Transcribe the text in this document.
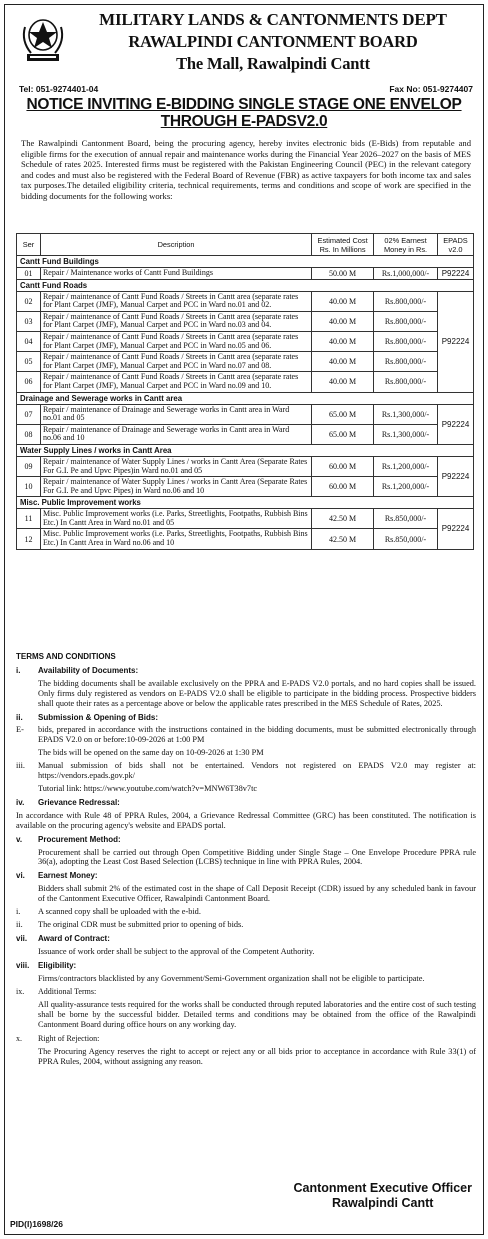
MILITARY LANDS & CANTONMENTS DEPT
RAWALPINDI CANTONMENT BOARD
The Mall, Rawalpindi Cantt
Tel: 051-9274401-04	Fax No: 051-9274407
NOTICE INVITING E-BIDDING SINGLE STAGE ONE ENVELOP
THROUGH E-PADSV2.0

The Rawalpindi Cantonment Board, being the procuring agency, hereby invites electronic bids (E-Bids) from reputable and eligible firms for the execution of annual repair and maintenance works during the Financial Year 2026–2027 on the basis of MES Schedule of rates 2025. Interested firms must be registered with the Pakistan Engineering Council (PEC) in the relevant category and codes and must also be registered with the Federal Board of Revenue (FBR) as active taxpayers for both income tax and sales tax purposes.The detailed eligibility criteria, technical requirements, terms and conditions and scope of work are specified in the bidding documents for the following works:

Ser	Description	Estimated Cost Rs. In Millions	02% Earnest Money in Rs.	EPADS v2.0
Cantt Fund Buildings				
01	Repair / Maintenance works of Cantt Fund Buildings	50.00 M	Rs.1,000,000/-	P92224
Cantt Fund Roads				
02	Repair / maintenance of Cantt Fund Roads / Streets in Cantt area (separate rates for Plant Carpet (JMF), Manual Carpet and PCC in Ward no.01 and 02.	40.00 M	Rs.800,000/-	P92224
03	Repair / maintenance of Cantt Fund Roads / Streets in Cantt area (separate rates for Plant Carpet (JMF), Manual Carpet and PCC in Ward no.03 and 04.	40.00 M	Rs.800,000/-	
04	Repair / maintenance of Cantt Fund Roads / Streets in Cantt area (separate rates for Plant Carpet (JMF), Manual Carpet and PCC in Ward no.05 and 06.	40.00 M	Rs.800,000/-	
05	Repair / maintenance of Cantt Fund Roads / Streets in Cantt area (separate rates for Plant Carpet (JMF), Manual Carpet and PCC in Ward no.07 and 08.	40.00 M	Rs.800,000/-	
06	Repair / maintenance of Cantt Fund Roads / Streets in Cantt area (separate rates for Plant Carpet (JMF), Manual Carpet and PCC in Ward no.09 and 10.	40.00 M	Rs.800,000/-	
Drainage and Sewerage works in Cantt area				
07	Repair / maintenance of Drainage and Sewerage works in Cantt area in Ward no.01 and 05	65.00 M	Rs.1,300,000/-	P92224
08	Repair / maintenance of Drainage and Sewerage works in Cantt area in Ward no.06 and 10	65.00 M	Rs.1,300,000/-	
Water Supply Lines / works in Cantt Area				
09	Repair / maintenance of Water Supply Lines / works in Cantt Area (Separate Rates For G.I. Pe and Upvc Pipes)in Ward no.01 and 05	60.00 M	Rs.1,200,000/-	P92224
10	Repair / maintenance of Water Supply Lines / works in Cantt Area (Separate Rates For G.I. Pe and Upvc Pipes) in Ward no.06 and 10	60.00 M	Rs.1,200,000/-	
Misc. Public Improvement works				
11	Misc. Public Improvement works (i.e. Parks, Streetlights, Footpaths, Rubbish Bins Etc.) In Cantt Area in Ward no.01 and 05	42.50 M	Rs.850,000/-	P92224
12	Misc. Public Improvement works (i.e. Parks, Streetlights, Footpaths, Rubbish Bins Etc.) In Cantt Area in Ward no.06 and 10	42.50 M	Rs.850,000/-	
TERMS AND CONDITIONS
i.	Availability of Documents:
The bidding documents shall be available exclusively on the PPRA and E-PADS V2.0 portals, and no hard copies shall be issued. Only firms duly registered as vendors on E-PADS V2.0 shall be eligible to participate in the bidding process. Prospective bidders shall quote their rates as a percentage above or below the applicable rates prescribed in the MES Schedule of Rates, 2025.
ii.	Submission & Opening of Bids:
E-	bids, prepared in accordance with the instructions contained in the bidding documents, must be submitted electronically through EPADS V2.0 on or before:10-09-2026 at 1:00 PM
The bids will be opened on the same day on 10-09-2026 at 1:30 PM
iii.	Manual submission of bids shall not be entertained. Vendors not registered on EPADS V2.0 may register at: https://vendors.epads.gov.pk/
Tutorial link: https://www.youtube.com/watch?v=MNW6T38v7tc
iv.	Grievance Redressal:
In accordance with Rule 48 of PPRA Rules, 2004, a Grievance Redressal Committee (GRC) has been constituted. The notification is available on the procuring agency's website and EPADS portal.
v.	Procurement Method:
Procurement shall be carried out through Open Competitive Bidding under Single Stage – One Envelope Procedure PPRA rule 36(a), adopting the Least Cost Based Selection (LCBS) technique in line with PPRA Rules, 2004.
vi.	Earnest Money:
Bidders shall submit 2% of the estimated cost in the shape of Call Deposit Receipt (CDR) issued by any scheduled bank in favour of the Cantonment Executive Officer, Rawalpindi Cantonment Board.
i.	A scanned copy shall be uploaded with the e-bid.
ii.	The original CDR must be submitted prior to opening of bids.
vii.	Award of Contract:
Issuance of work order shall be subject to the approval of the Competent Authority.
viii.	Eligibility:
Firms/contractors blacklisted by any Government/Semi-Government organization shall not be eligible to participate.
ix.	Additional Terms:
All quality-assurance tests required for the works shall be conducted through reputed laboratories and the entire cost of such testing shall be borne by the successful bidder. Detailed terms and conditions may be obtained from the office of the Rawalpindi Cantonment Board during office hours on any working day.
x.	Right of Rejection:
The Procuring Agency reserves the right to accept or reject any or all bids prior to acceptance in accordance with Rule 33(1) of PPRA Rules, 2004, without assigning any reason.
Cantonment Executive Officer
Rawalpindi Cantt
PID(I)1698/26
